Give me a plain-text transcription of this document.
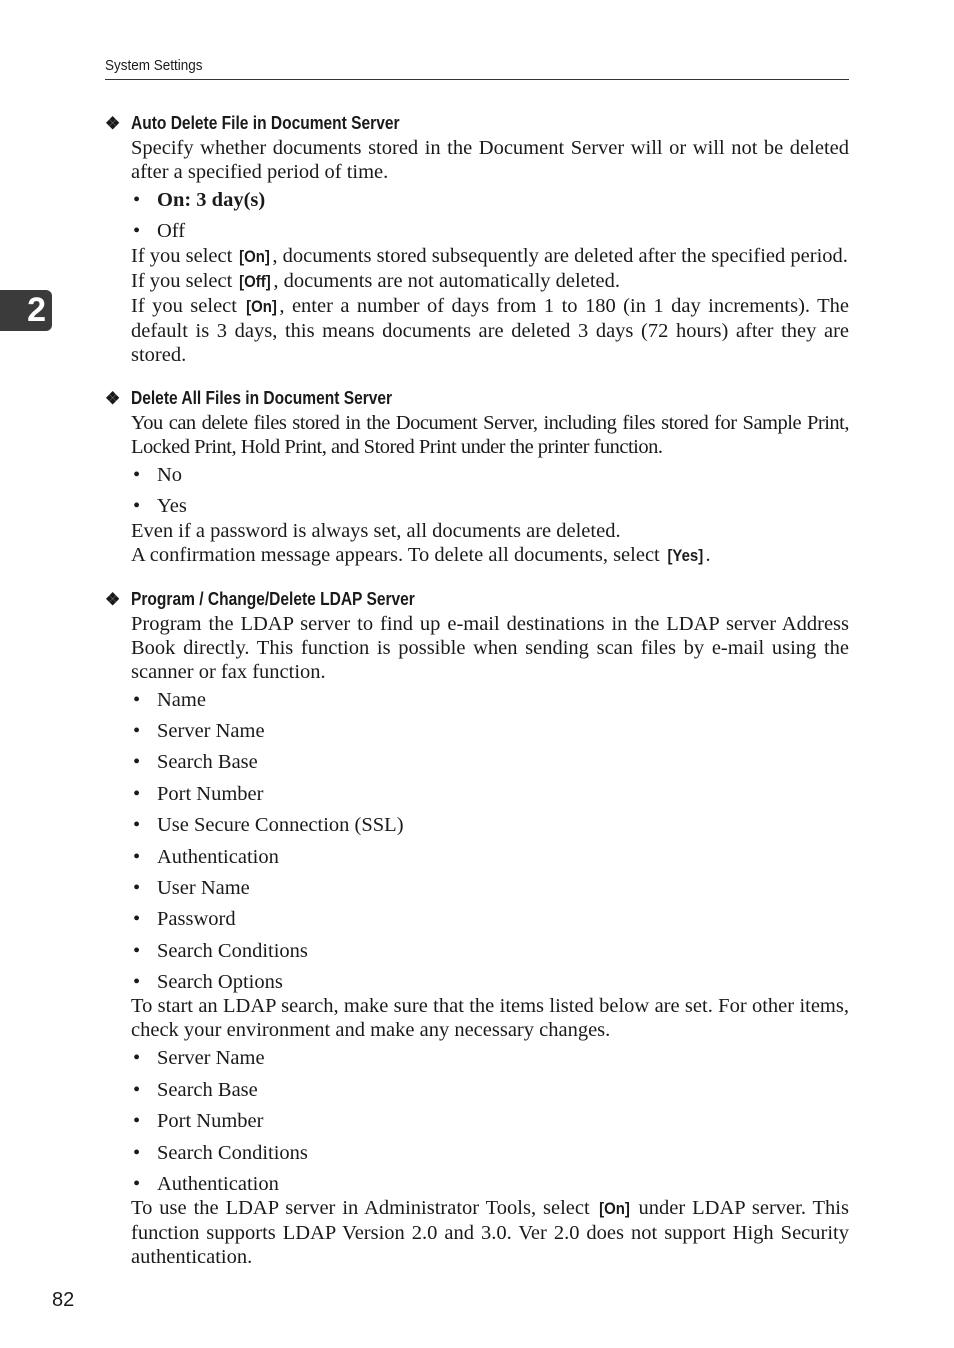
System Settings
2
82
❖ Auto Delete File in Document Server

Specify whether documents stored in the Document Server will or will not be deleted after a specified period of time.

• On: 3 day(s)
• Off

If you select [On] , documents stored subsequently are deleted after the specified period.

If you select [Off] , documents are not automatically deleted.

If you select [On] , enter a number of days from 1 to 180 (in 1 day increments). The default is 3 days, this means documents are deleted 3 days (72 hours) after they are stored.

❖ Delete All Files in Document Server

You can delete files stored in the Document Server, including files stored for Sample Print, Locked Print, Hold Print, and Stored Print under the printer function.

• No
• Yes

Even if a password is always set, all documents are deleted.

A confirmation message appears. To delete all documents, select [Yes] .

❖ Program / Change/Delete LDAP Server

Program the LDAP server to find up e-mail destinations in the LDAP server Address Book directly. This function is possible when sending scan files by e-mail using the scanner or fax function.

• Name
• Server Name
• Search Base
• Port Number
• Use Secure Connection (SSL)
• Authentication
• User Name
• Password
• Search Conditions
• Search Options

To start an LDAP search, make sure that the items listed below are set. For other items, check your environment and make any necessary changes.

• Server Name
• Search Base
• Port Number
• Search Conditions
• Authentication

To use the LDAP server in Administrator Tools, select [On] under LDAP server. This function supports LDAP Version 2.0 and 3.0. Ver 2.0 does not support High Security authentication.
